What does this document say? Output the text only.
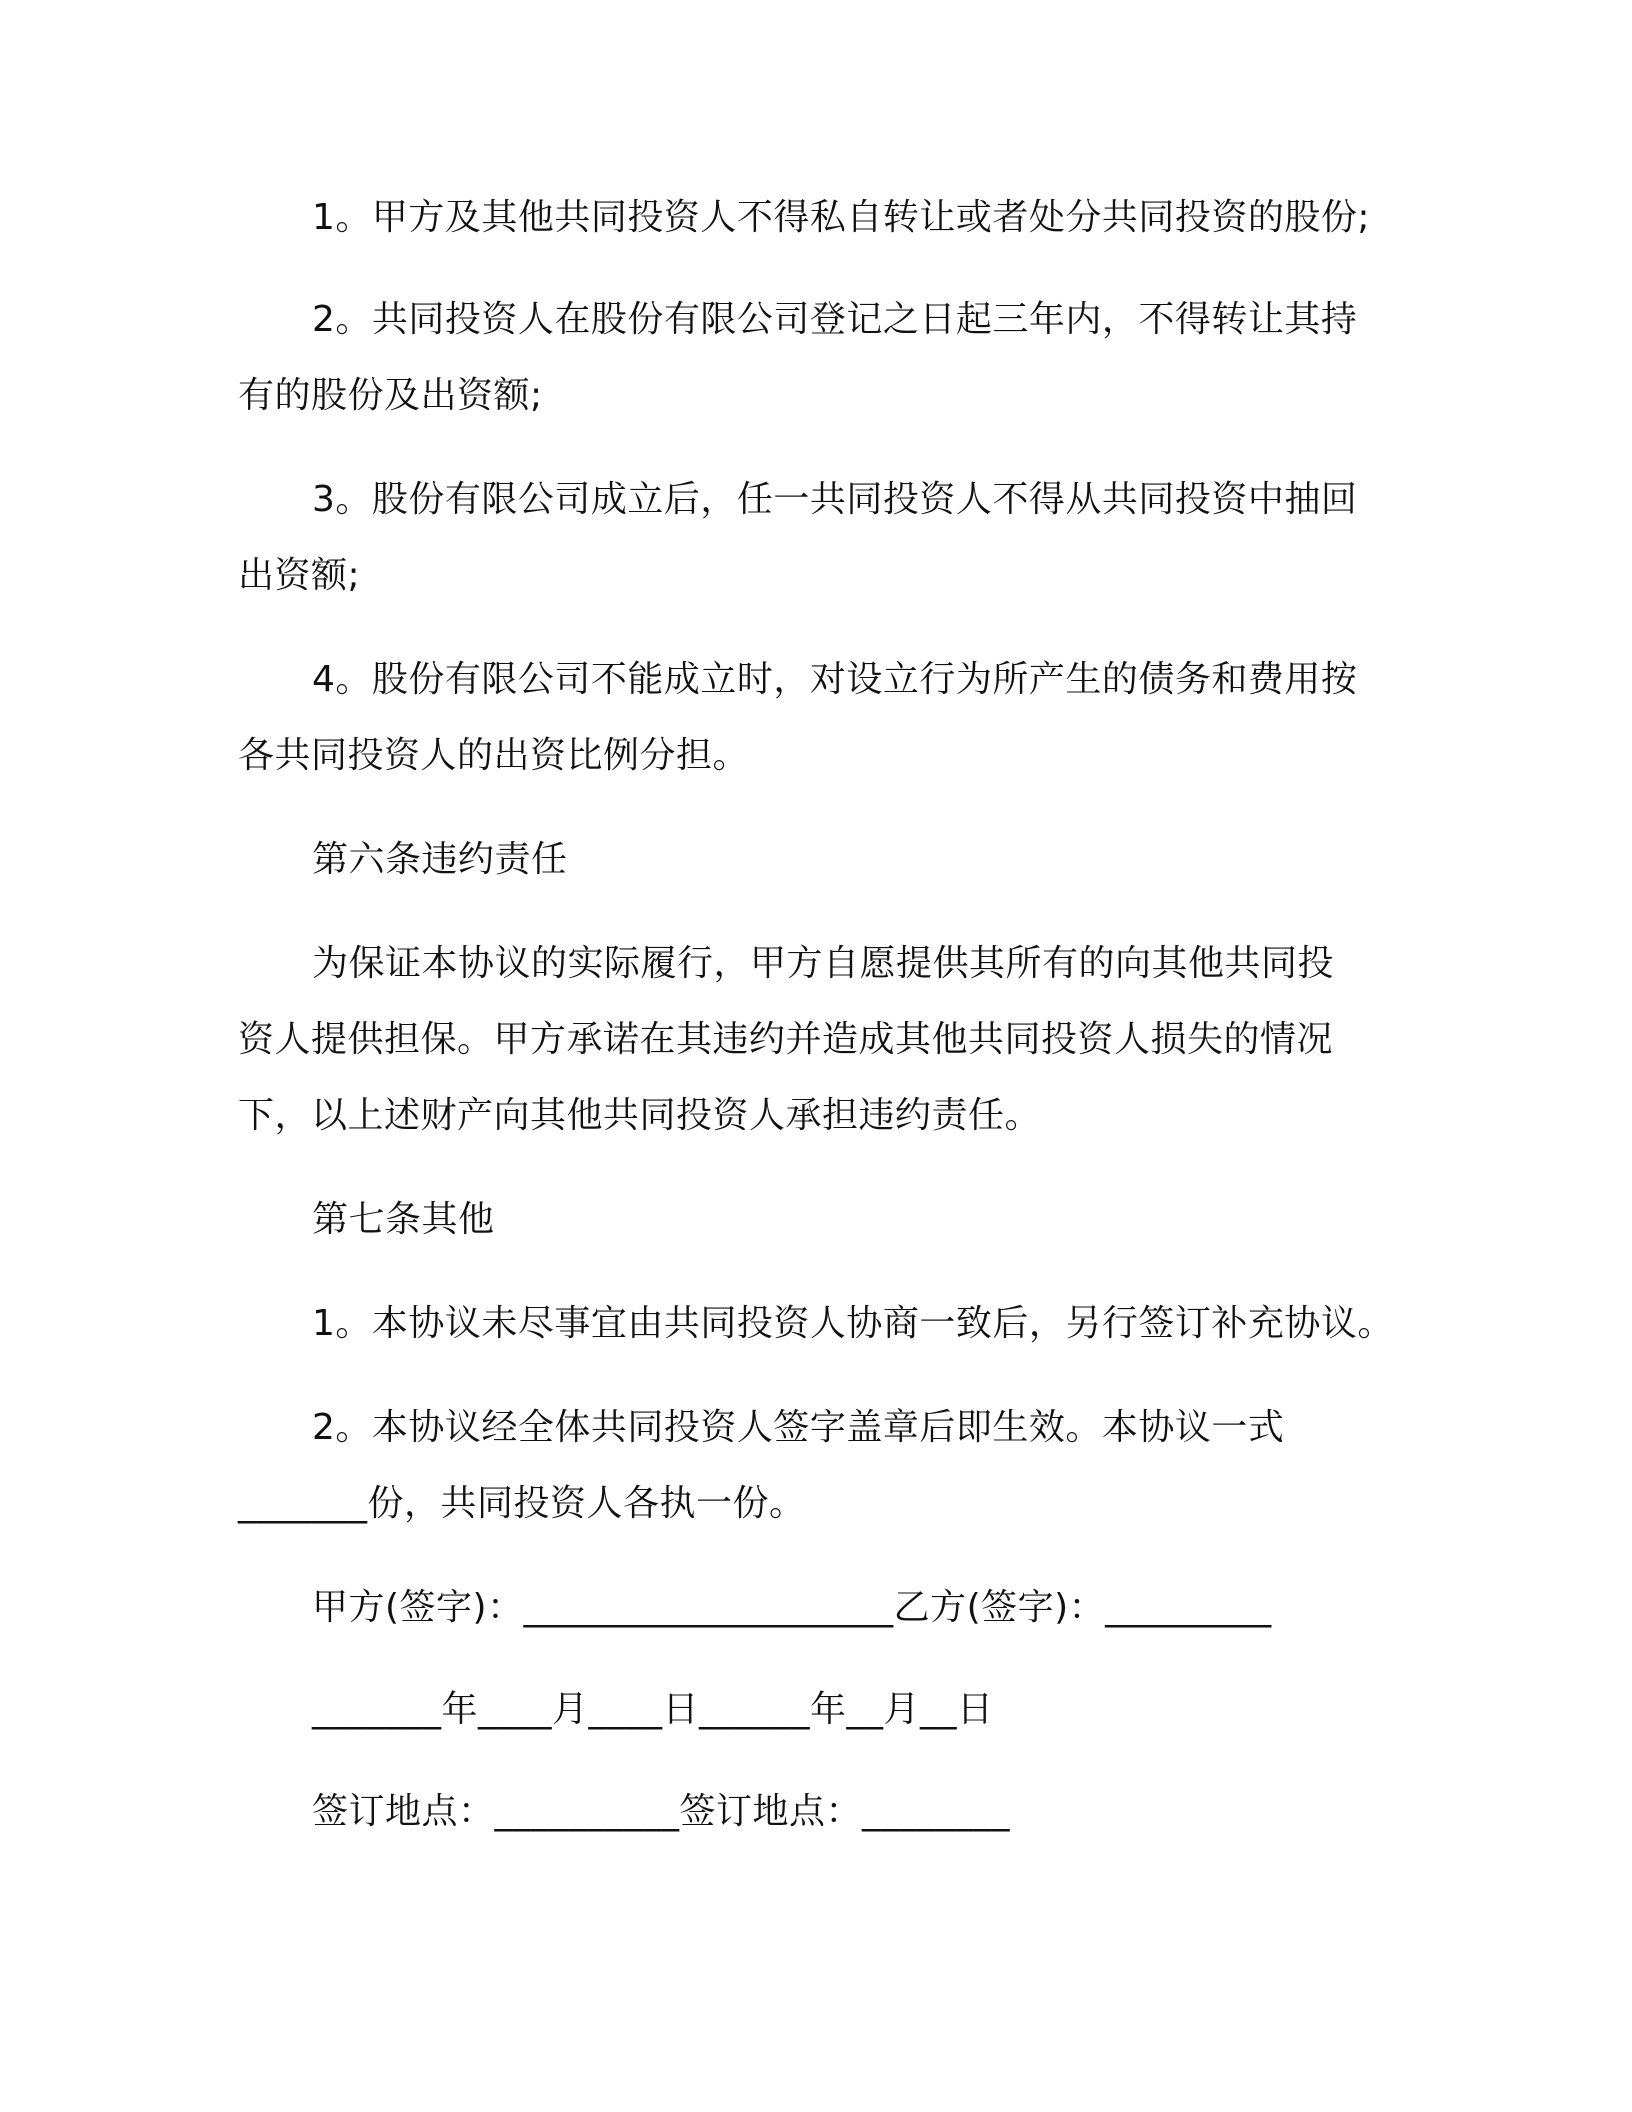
1。甲方及其他共同投资人不得私自转让或者处分共同投资的股份;
2。共同投资人在股份有限公司登记之日起三年内，不得转让其持
有的股份及出资额;
3。股份有限公司成立后，任一共同投资人不得从共同投资中抽回
出资额;
4。股份有限公司不能成立时，对设立行为所产生的债务和费用按
各共同投资人的出资比例分担。
第六条违约责任
为保证本协议的实际履行，甲方自愿提供其所有的向其他共同投
资人提供担保。甲方承诺在其违约并造成其他共同投资人损失的情况
下，以上述财产向其他共同投资人承担违约责任。
第七条其他
1。本协议未尽事宜由共同投资人协商一致后，另行签订补充协议。
2。本协议经全体共同投资人签字盖章后即生效。本协议一式
_______份，共同投资人各执一份。
甲方(签字)：____________________乙方(签字)：_________
_______年____月____日______年__月__日
签订地点：__________签订地点：________
